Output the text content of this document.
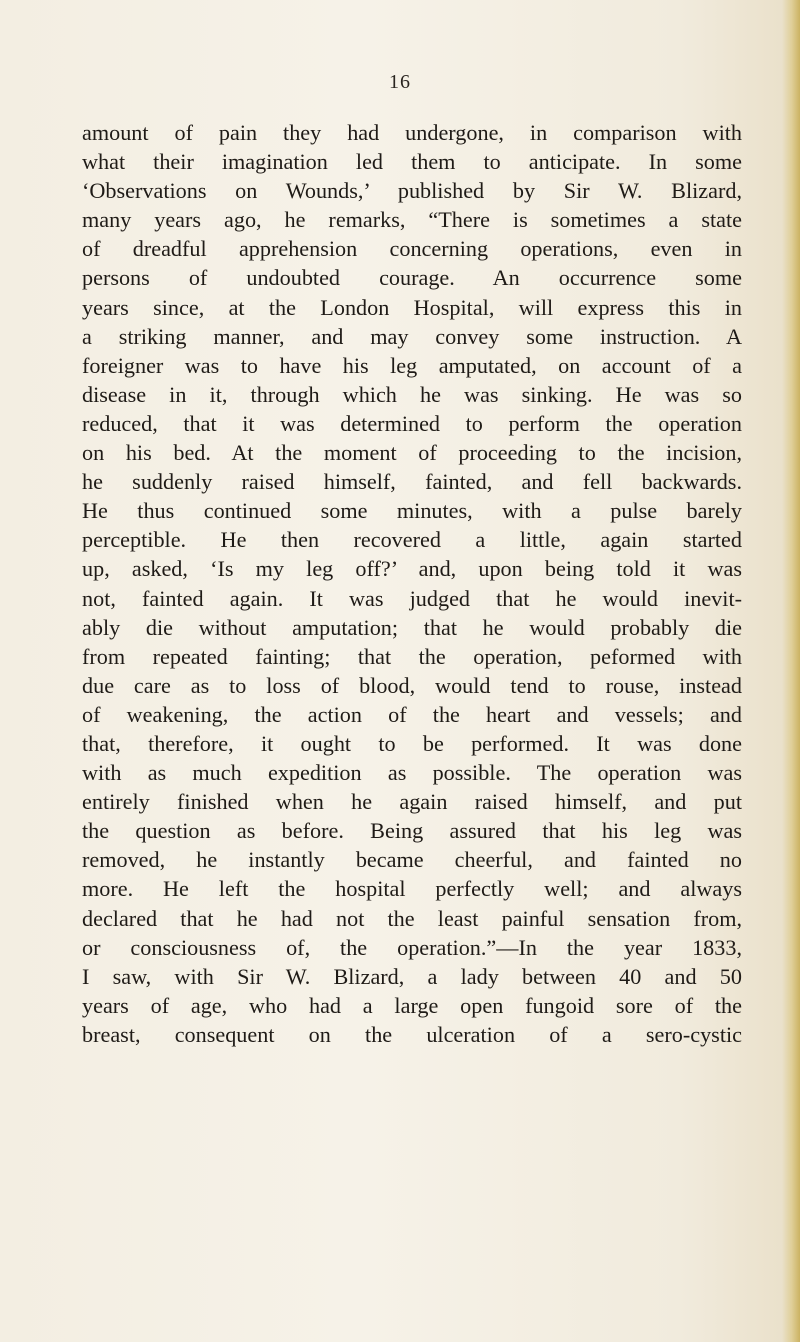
16
amount of pain they had undergone, in comparison with
what their imagination led them to anticipate. In some
‘Observations on Wounds,’ published by Sir W. Blizard,
many years ago, he remarks, “There is sometimes a state
of dreadful apprehension concerning operations, even in
persons of undoubted courage. An occurrence some
years since, at the London Hospital, will express this in
a striking manner, and may convey some instruction. A
foreigner was to have his leg amputated, on account of a
disease in it, through which he was sinking. He was so
reduced, that it was determined to perform the operation
on his bed. At the moment of proceeding to the incision,
he suddenly raised himself, fainted, and fell backwards.
He thus continued some minutes, with a pulse barely
perceptible. He then recovered a little, again started
up, asked, ‘Is my leg off?’ and, upon being told it was
not, fainted again. It was judged that he would inevit-
ably die without amputation; that he would probably die
from repeated fainting; that the operation, peformed with
due care as to loss of blood, would tend to rouse, instead
of weakening, the action of the heart and vessels; and
that, therefore, it ought to be performed. It was done
with as much expedition as possible. The operation was
entirely finished when he again raised himself, and put
the question as before. Being assured that his leg was
removed, he instantly became cheerful, and fainted no
more. He left the hospital perfectly well; and always
declared that he had not the least painful sensation from,
or consciousness of, the operation.”—In the year 1833,
I saw, with Sir W. Blizard, a lady between 40 and 50
years of age, who had a large open fungoid sore of the
breast, consequent on the ulceration of a sero-cystic
